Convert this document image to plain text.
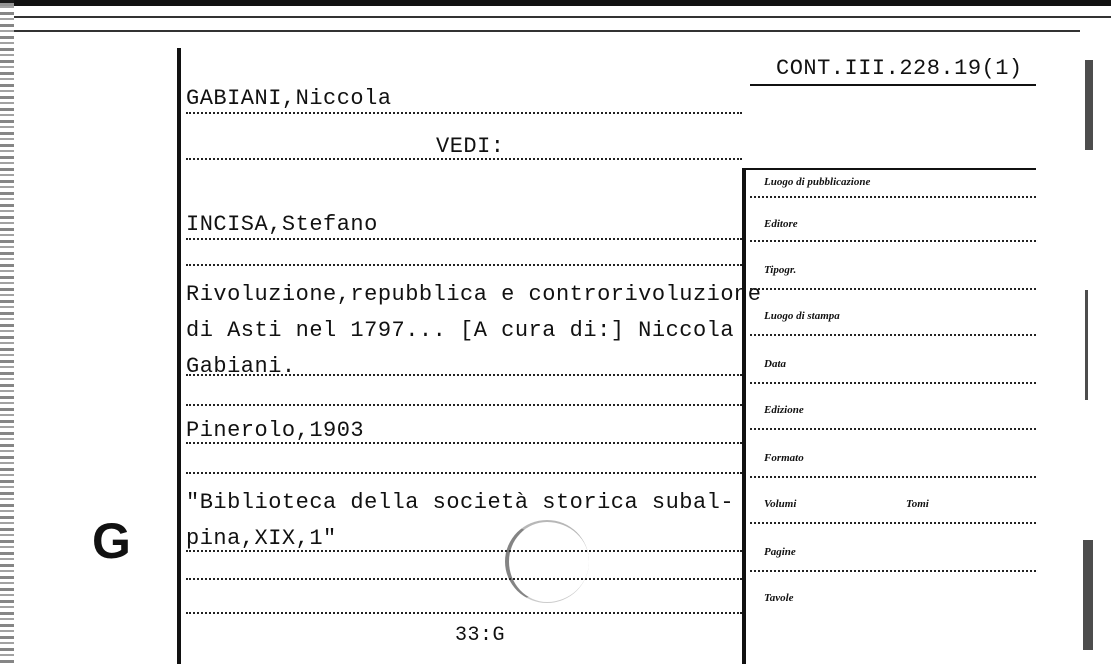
G
CONT.III.228.19(1)
GABIANI,Niccola
VEDI:
INCISA,Stefano
Rivoluzione,repubblica e controrivoluzione
di Asti nel 1797... [A cura di:] Niccola
Gabiani.
Pinerolo,1903
"Biblioteca della società storica subal-
pina,XIX,1"
33:G
Luogo di pubblicazione
Editore
Tipogr.
Luogo di stampa
Data
Edizione
Formato
Volumi	Tomi
Pagine
Tavole
